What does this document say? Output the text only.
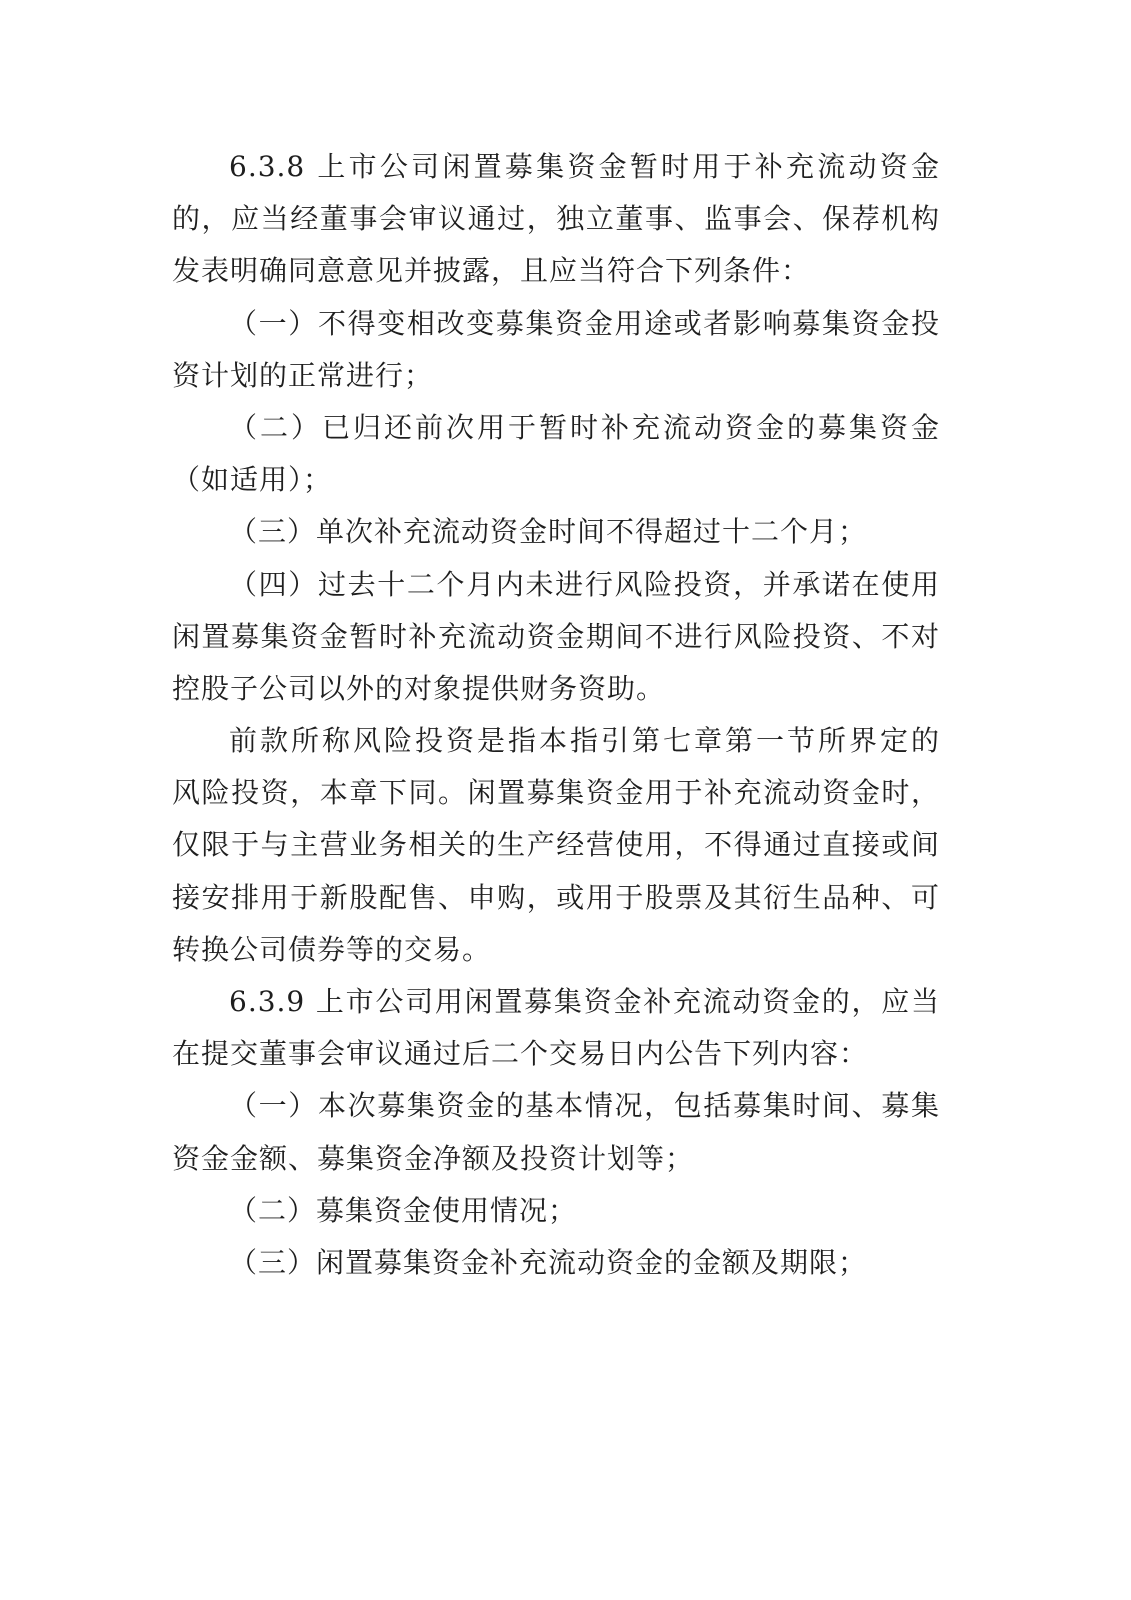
6.3.8 上市公司闲置募集资金暂时用于补充流动资金
的，应当经董事会审议通过，独立董事、监事会、保荐机构
发表明确同意意见并披露，且应当符合下列条件：
（一）不得变相改变募集资金用途或者影响募集资金投
资计划的正常进行；
（二）已归还前次用于暂时补充流动资金的募集资金
（如适用）；
（三）单次补充流动资金时间不得超过十二个月；
（四）过去十二个月内未进行风险投资，并承诺在使用
闲置募集资金暂时补充流动资金期间不进行风险投资、不对
控股子公司以外的对象提供财务资助。
前款所称风险投资是指本指引第七章第一节所界定的
风险投资，本章下同。闲置募集资金用于补充流动资金时，
仅限于与主营业务相关的生产经营使用，不得通过直接或间
接安排用于新股配售、申购，或用于股票及其衍生品种、可
转换公司债券等的交易。
6.3.9 上市公司用闲置募集资金补充流动资金的，应当
在提交董事会审议通过后二个交易日内公告下列内容：
（一）本次募集资金的基本情况，包括募集时间、募集
资金金额、募集资金净额及投资计划等；
（二）募集资金使用情况；
（三）闲置募集资金补充流动资金的金额及期限；
